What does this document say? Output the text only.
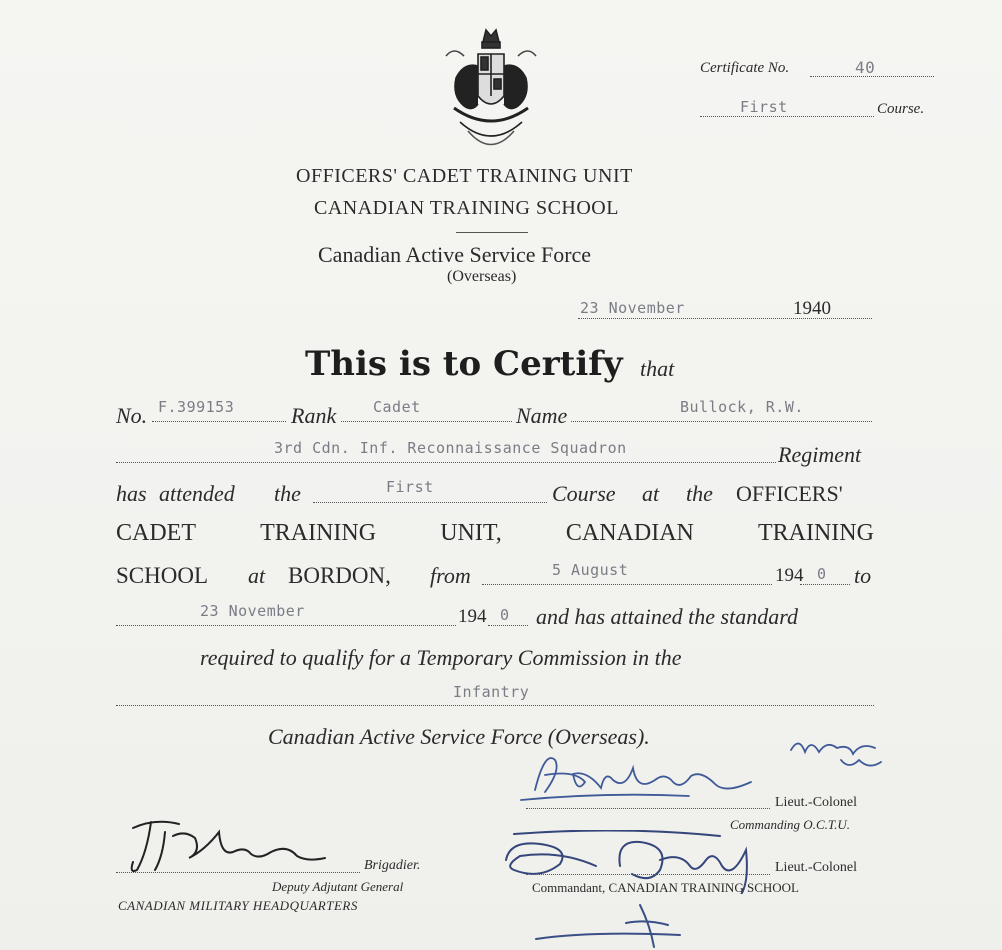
Certificate No.	40
First	Course.
OFFICERS' CADET TRAINING UNIT
CANADIAN TRAINING SCHOOL
Canadian Active Service Force
(Overseas)
23 November	1940
This is to Certify that
No. F.399153	Rank Cadet	Name	Bullock, R.W.
3rd Cdn. Inf. Reconnaissance Squadron	Regiment
has attended the	First	Course at the OFFICERS'
CADET	TRAINING	UNIT,	CANADIAN	TRAINING
SCHOOL at BORDON, from	5 August	194 0 to
23 November	194 0 and has attained the standard
required to qualify for a Temporary Commission in the
Infantry
Canadian Active Service Force (Overseas).
Lieut.-Colonel
Commanding O.C.T.U.
Lieut.-Colonel
Commandant, CANADIAN TRAINING SCHOOL
Brigadier.
Deputy Adjutant General
CANADIAN MILITARY HEADQUARTERS
